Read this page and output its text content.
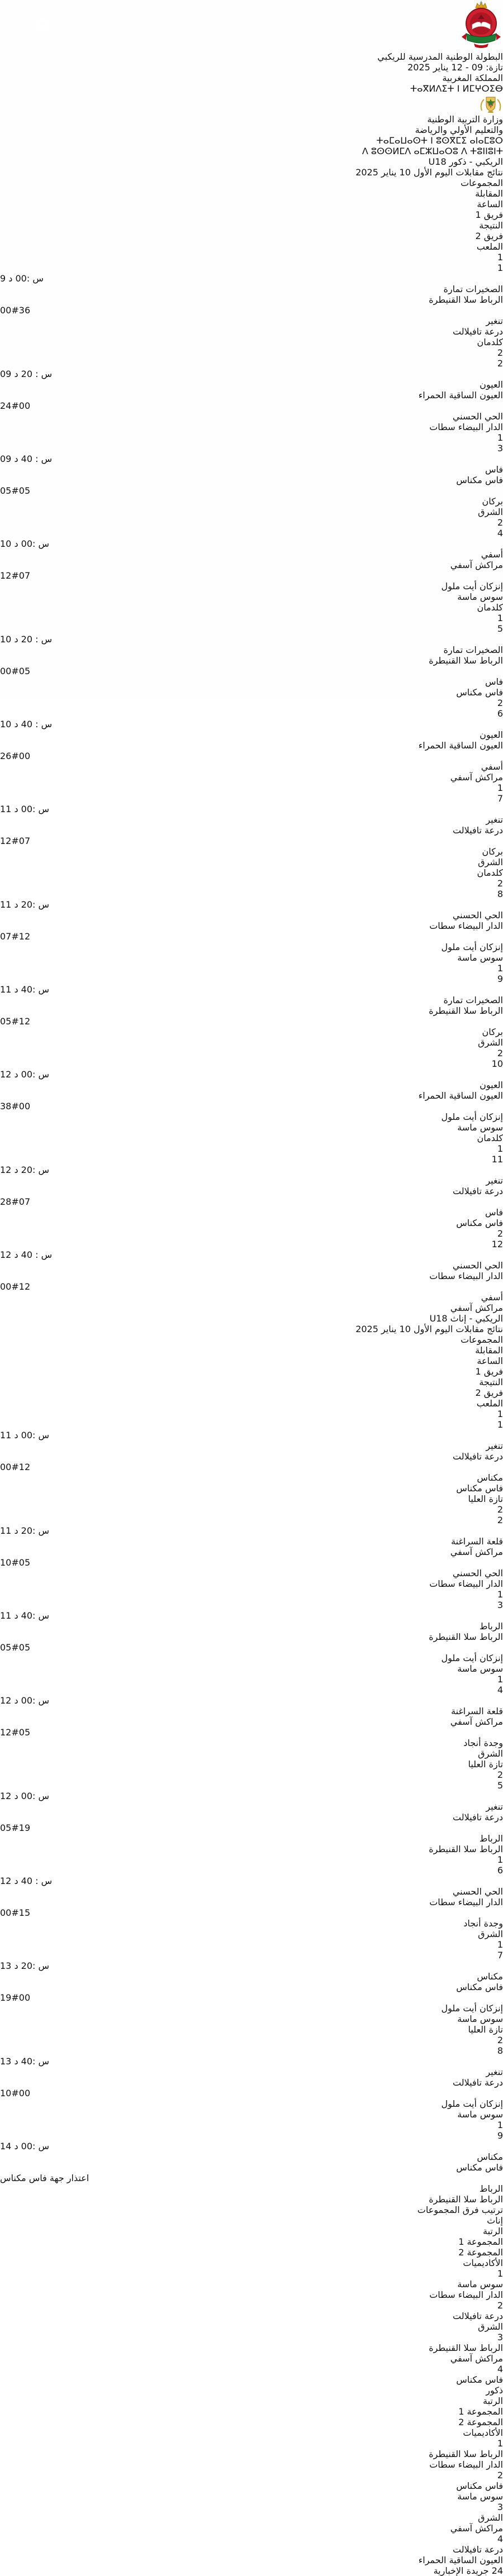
البطولة الوطنية المدرسية للريكبي
تازة: 09 - 12 يناير 2025
المملكة المغربية
ⵜⴰⴳⵍⴷⵉⵜ ⵏ ⵍⵎⵖⵔⵉⴱ
وزارة التربية الوطنية
والتعليم الأولي والرياضة
ⵜⴰⵎⴰⵡⴰⵙⵜ ⵏ ⵓⵙⴳⵎⵉ ⴰⵏⴰⵎⵓⵔ
ⴷ ⵓⵙⵙⵍⵎⴷ ⴰⵎⵣⵡⴰⵔⵓ ⴷ ⵜⵓⵏⵏⵓⵏⵜ
الريكبي - ذكور U18
نتائج مقابلات اليوم الأول 10 يناير 2025
المجموعات
المقابلة
الساعة
فريق 1
النتيجة
فريق 2
الملعب
1
1
9 س :00 د
الصخيرات تمارة
الرباط سلا القنيطرة
00#36
تنغير
درعة تافيلالت
كلدمان
2
2
09 س : 20 د
العيون
العيون الساقية الحمراء
24#00
الحي الحسني
الدار البيضاء سطات
1
3
09 س : 40 د
فاس
فاس مكناس
05#05
بركان
الشرق
2
4
10 س :00 د
أسفي
مراكش آسفي
12#07
إنزكان أيت ملول
سوس ماسة
كلدمان
1
5
10 س : 20 د
الصخيرات تمارة
الرباط سلا القنيطرة
00#05
فاس
فاس مكناس
2
6
10 س : 40 د
العيون
العيون الساقية الحمراء
26#00
أسفي
مراكش آسفي
1
7
11 س :00 د
تنغير
درعة تافيلالت
12#07
بركان
الشرق
كلدمان
2
8
11 س :20 د
الحي الحسني
الدار البيضاء سطات
07#12
إنزكان أيت ملول
سوس ماسة
1
9
11 س :40 د
الصخيرات تمارة
الرباط سلا القنيطرة
05#12
بركان
الشرق
2
10
12 س :00 د
العيون
العيون الساقية الحمراء
38#00
إنزكان أيت ملول
سوس ماسة
كلدمان
1
11
12 س :20 د
تنغير
درعة تافيلالت
28#07
فاس
فاس مكناس
2
12
12 س : 40 د
الحي الحسني
الدار البيضاء سطات
00#12
أسفي
مراكش آسفي
الريكبي - إناث U18
نتائج مقابلات اليوم الأول 10 يناير 2025
المجموعات
المقابلة
الساعة
فريق 1
النتيجة
فريق 2
الملعب
1
1
11 س :00 د
تنغير
درعة تافيلالت
00#12
مكناس
فاس مكناس
تازة العليا
2
2
11 س :20 د
قلعة السراغنة
مراكش آسفي
10#05
الحي الحسني
الدار البيضاء سطات
1
3
11 س :40 د
الرباط
الرباط سلا القنيطرة
05#05
إنزكان أيت ملول
سوس ماسة
1
4
12 س :00 د
قلعة السراغنة
مراكش آسفي
12#05
وجدة أنجاد
الشرق
تازة العليا
2
5
12 س :00 د
تنغير
درعة تافيلالت
05#19
الرباط
الرباط سلا القنيطرة
1
6
12 س : 40 د
الحي الحسني
الدار البيضاء سطات
00#15
وجدة أنجاد
الشرق
1
7
13 س :20 د
مكناس
فاس مكناس
19#00
إنزكان أيت ملول
سوس ماسة
تازة العليا
2
8
13 س :40 د
تنغير
درعة تافيلالت
10#00
إنزكان أيت ملول
سوس ماسة
1
9
14 س :00 د
مكناس
فاس مكناس
اعتذار جهة فاس مكناس
الرباط
الرباط سلا القنيطرة
ترتيب فرق المجموعات
إناث
الرتبة
المجموعة 1
المجموعة 2
الأكاديميات
1
سوس ماسة
الدار البيضاء سطات
2
درعة تافيلالت
الشرق
3
الرباط سلا القنيطرة
مراكش آسفي
4
فاس مكناس
ذكور
الرتبة
المجموعة 1
المجموعة 2
الأكاديميات
1
الرباط سلا القنيطرة
الدار البيضاء سطات
2
فاس مكناس
سوس ماسة
3
الشرق
مراكش آسفي
4
درعة تافيلالت
العيون الساقية الحمراء
24 جريدة الإخبارية
